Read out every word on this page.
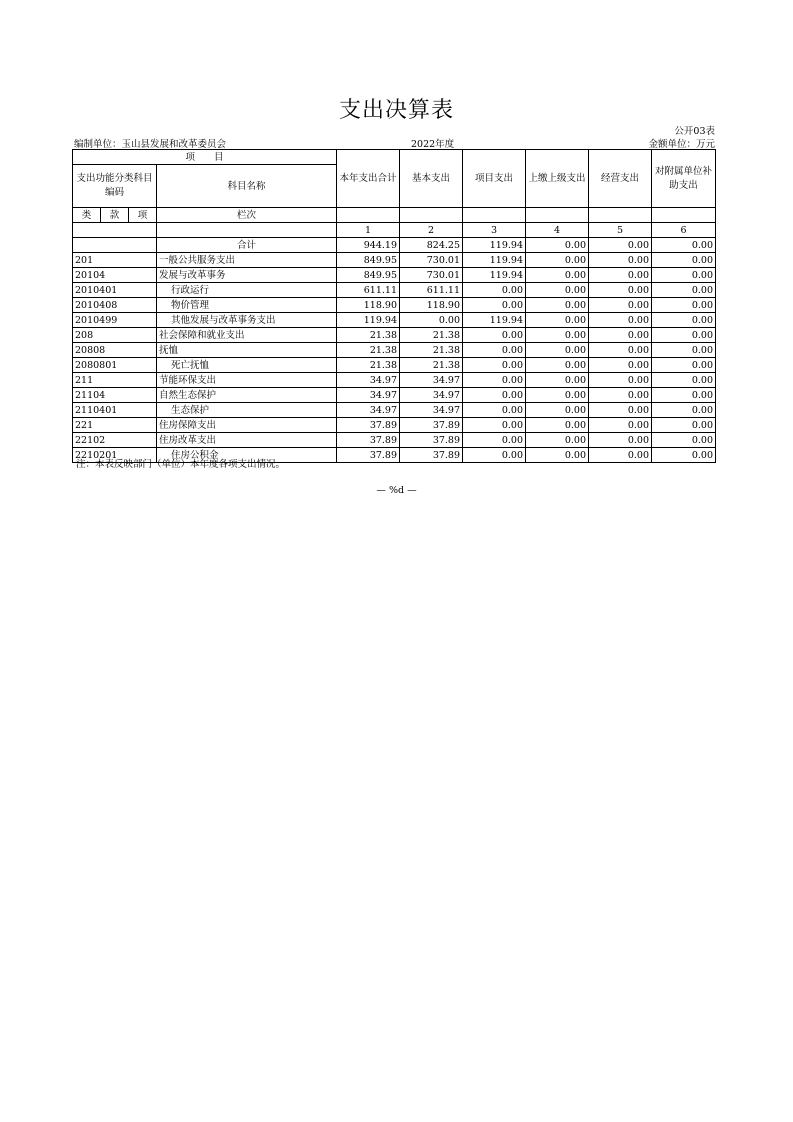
支出决算表
公开03表
编制单位：玉山县发展和改革委员会	2022年度	金额单位：万元
项　　目				本年支出合计	基本支出	项目支出	上缴上级支出	经营支出	对附属单位补助支出
支出功能分类科目编码			科目名称						
类	款	项							
			栏次						
				1	2	3	4	5	6
			合计	944.19	824.25	119.94	0.00	0.00	0.00
201			一般公共服务支出	849.95	730.01	119.94	0.00	0.00	0.00
20104			发展与改革事务	849.95	730.01	119.94	0.00	0.00	0.00
2010401			行政运行	611.11	611.11	0.00	0.00	0.00	0.00
2010408			物价管理	118.90	118.90	0.00	0.00	0.00	0.00
2010499			其他发展与改革事务支出	119.94	0.00	119.94	0.00	0.00	0.00
208			社会保障和就业支出	21.38	21.38	0.00	0.00	0.00	0.00
20808			抚恤	21.38	21.38	0.00	0.00	0.00	0.00
2080801			死亡抚恤	21.38	21.38	0.00	0.00	0.00	0.00
211			节能环保支出	34.97	34.97	0.00	0.00	0.00	0.00
21104			自然生态保护	34.97	34.97	0.00	0.00	0.00	0.00
2110401			生态保护	34.97	34.97	0.00	0.00	0.00	0.00
221			住房保障支出	37.89	37.89	0.00	0.00	0.00	0.00
22102			住房改革支出	37.89	37.89	0.00	0.00	0.00	0.00
2210201			住房公积金	37.89	37.89	0.00	0.00	0.00	0.00
注：本表反映部门（单位）本年度各项支出情况。
— %d —
